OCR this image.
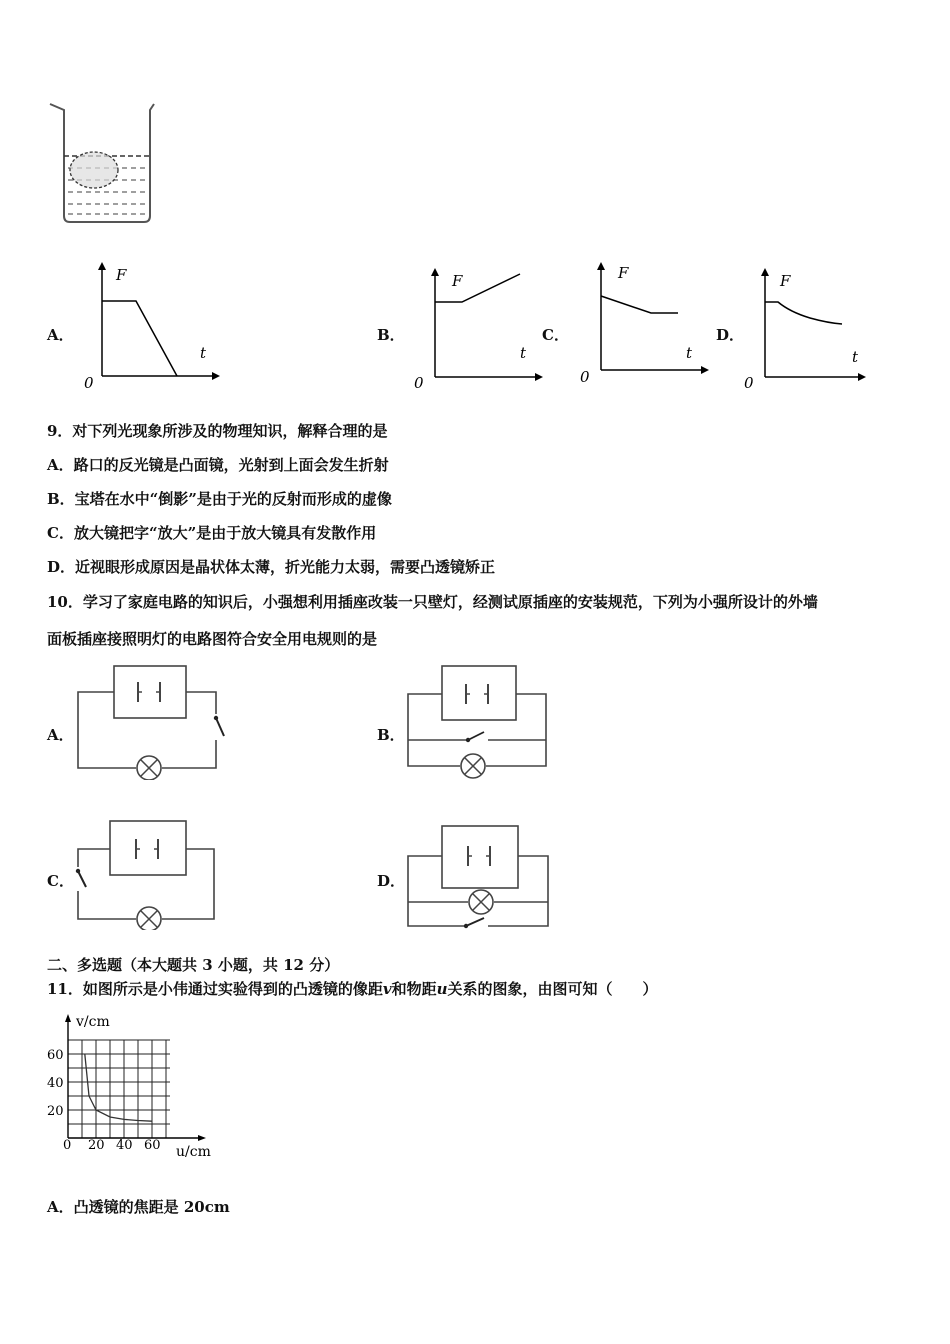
A．
F
t
0
B．
F
t
0
C．
F
t
0
D．
F
t
0
9．对下列光现象所涉及的物理知识，解释合理的是
A．路口的反光镜是凸面镜，光射到上面会发生折射
B．宝塔在水中“倒影”是由于光的反射而形成的虚像
C．放大镜把字“放大”是由于放大镜具有发散作用
D．近视眼形成原因是晶状体太薄，折光能力太弱，需要凸透镜矫正
10．学习了家庭电路的知识后，小强想利用插座改装一只壁灯，经测试原插座的安装规范，下列为小强所设计的外墙
面板插座接照明灯的电路图符合安全用电规则的是
A．	B．
C．	D．
二、多选题（本大题共 3 小题，共 12 分）
11．如图所示是小伟通过实验得到的凸透镜的像距v和物距u关系的图象，由图可知（　　）
v/cm
u/cm
60
40
20
0 20 40 60
A．凸透镜的焦距是 20cm
